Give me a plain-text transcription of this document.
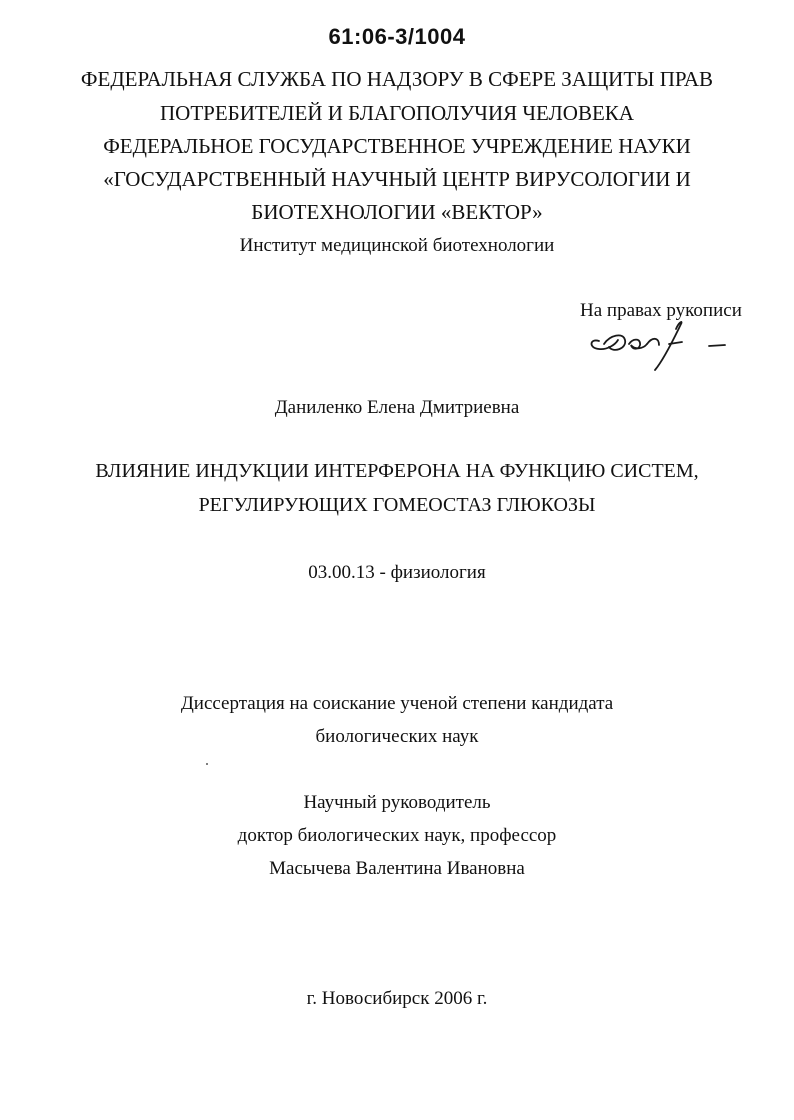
61:06-3/1004
ФЕДЕРАЛЬНАЯ СЛУЖБА ПО НАДЗОРУ В СФЕРЕ ЗАЩИТЫ ПРАВ
ПОТРЕБИТЕЛЕЙ И БЛАГОПОЛУЧИЯ ЧЕЛОВЕКА
ФЕДЕРАЛЬНОЕ ГОСУДАРСТВЕННОЕ УЧРЕЖДЕНИЕ НАУКИ
«ГОСУДАРСТВЕННЫЙ НАУЧНЫЙ ЦЕНТР ВИРУСОЛОГИИ И
БИОТЕХНОЛОГИИ «ВЕКТОР»
Институт медицинской биотехнологии
На правах рукописи
Даниленко Елена Дмитриевна
ВЛИЯНИЕ ИНДУКЦИИ ИНТЕРФЕРОНА НА ФУНКЦИЮ СИСТЕМ,
РЕГУЛИРУЮЩИХ ГОМЕОСТАЗ ГЛЮКОЗЫ
03.00.13 - физиология
Диссертация на соискание ученой степени кандидата
биологических наук
Научный руководитель
доктор биологических наук, профессор
Масычева Валентина Ивановна
г. Новосибирск 2006 г.
